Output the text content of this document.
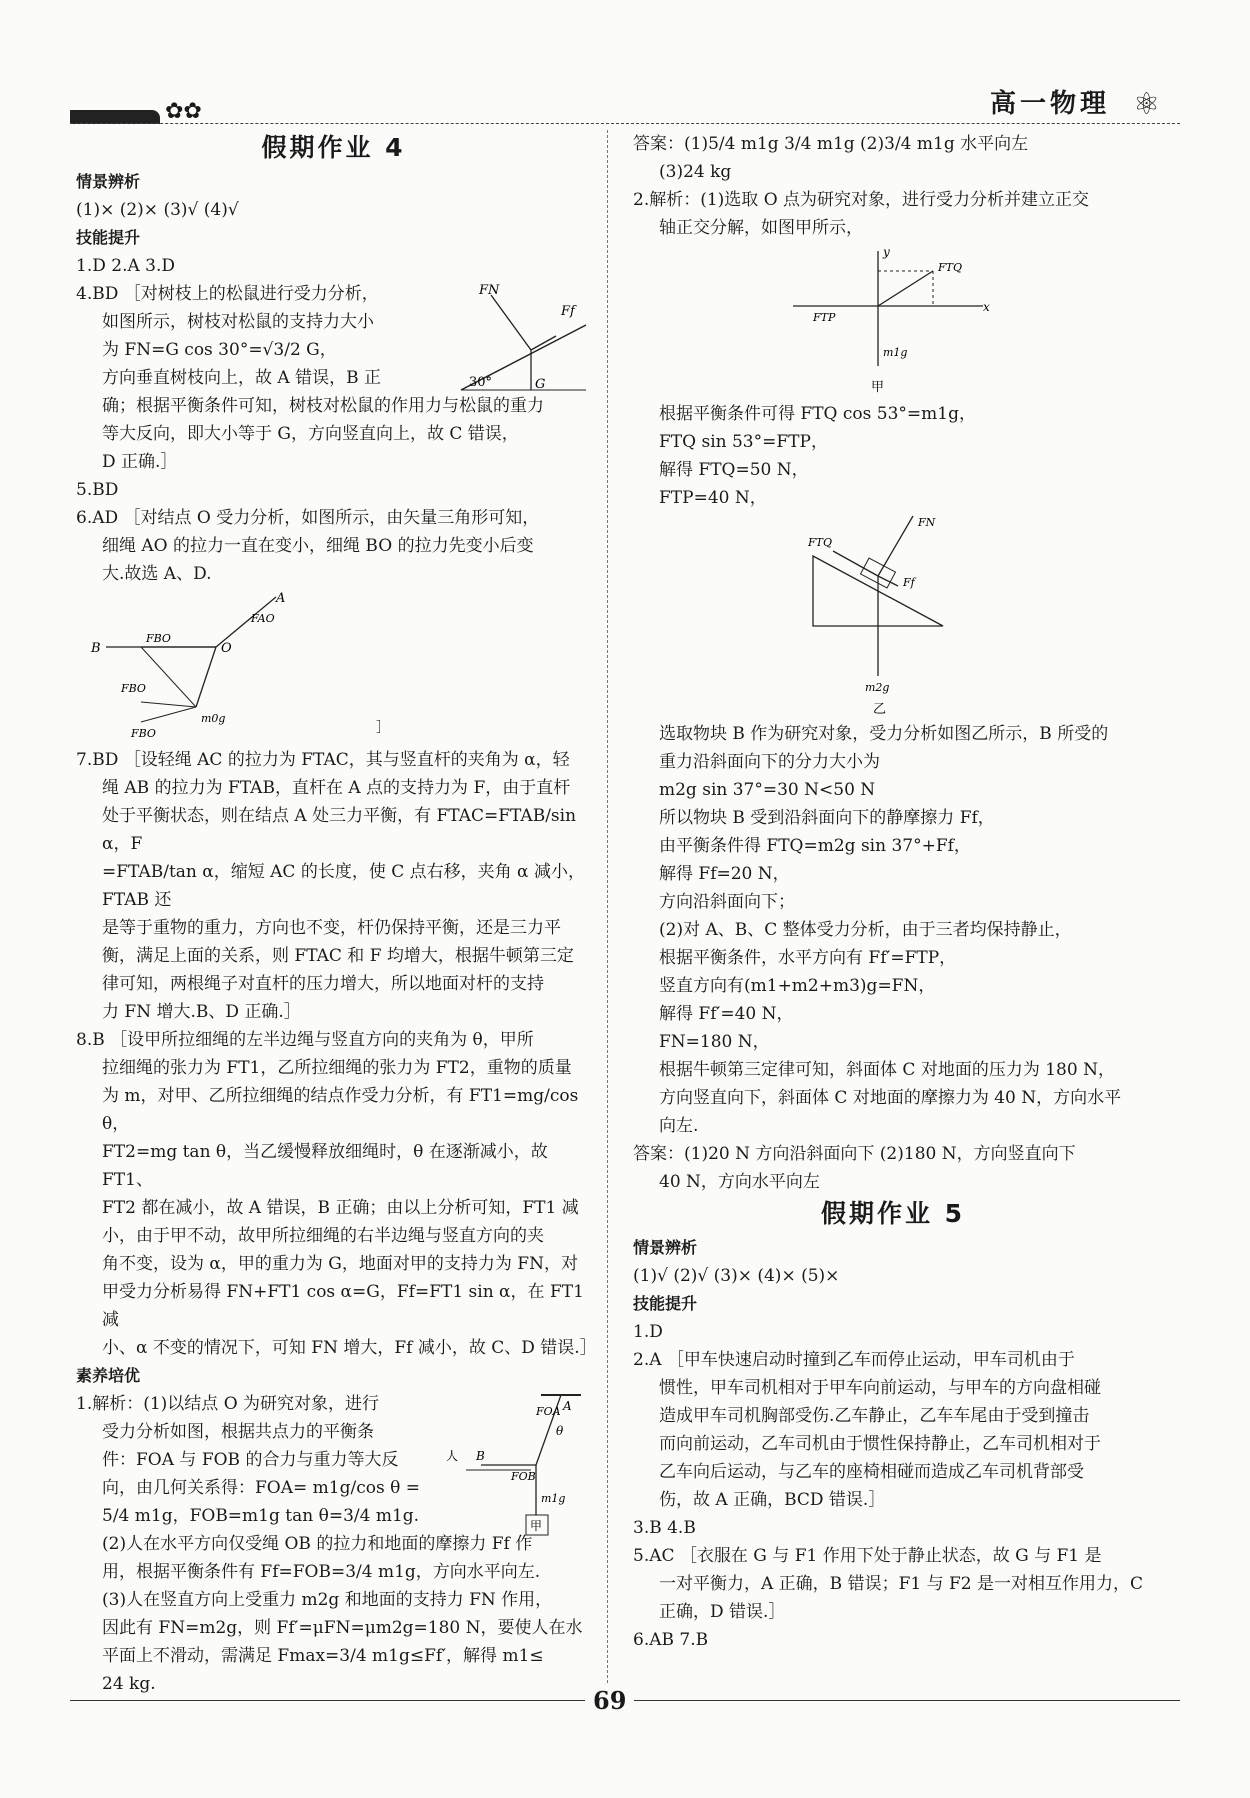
✿✿	高一物理 ⚛
假期作业 4
情景辨析

(1)× (2)× (3)√ (4)√

技能提升

1.D 2.A 3.D

FN
Ff
30°	G

4.BD ［对树枝上的松鼠进行受力分析，

如图所示，树枝对松鼠的支持力大小

为 FN=G cos 30°=√3/2 G，

方向垂直树枝向上，故 A 错误，B 正

确；根据平衡条件可知，树枝对松鼠的作用力与松鼠的重力

等大反向，即大小等于 G，方向竖直向上，故 C 错误，

D 正确.］

5.BD

6.AD ［对结点 O 受力分析，如图所示，由矢量三角形可知，

细绳 AO 的拉力一直在变小，细绳 BO 的拉力先变小后变

大.故选 A、D.

B	O
A
FAO
FBO
m0g
FBO
FBO	］

7.BD ［设轻绳 AC 的拉力为 FTAC，其与竖直杆的夹角为 α，轻

绳 AB 的拉力为 FTAB，直杆在 A 点的支持力为 F，由于直杆

处于平衡状态，则在结点 A 处三力平衡，有 FTAC=FTAB/sin α，F

=FTAB/tan α，缩短 AC 的长度，使 C 点右移，夹角 α 减小，FTAB 还

是等于重物的重力，方向也不变，杆仍保持平衡，还是三力平

衡，满足上面的关系，则 FTAC 和 F 均增大，根据牛顿第三定

律可知，两根绳子对直杆的压力增大，所以地面对杆的支持

力 FN 增大.B、D 正确.］

8.B ［设甲所拉细绳的左半边绳与竖直方向的夹角为 θ，甲所

拉细绳的张力为 FT1，乙所拉细绳的张力为 FT2，重物的质量

为 m，对甲、乙所拉细绳的结点作受力分析，有 FT1=mg/cos θ，

FT2=mg tan θ，当乙缓慢释放细绳时，θ 在逐渐减小，故 FT1、

FT2 都在减小，故 A 错误，B 正确；由以上分析可知，FT1 减

小，由于甲不动，故甲所拉细绳的右半边绳与竖直方向的夹

角不变，设为 α，甲的重力为 G，地面对甲的支持力为 FN，对

甲受力分析易得 FN+FT1 cos α=G，Ff=FT1 sin α，在 FT1 减

小、α 不变的情况下，可知 FN 增大，Ff 减小，故 C、D 错误.］

素养培优
甲
FOA A
θ
人 B
FOB
m1g

1.解析：(1)以结点 O 为研究对象，进行

受力分析如图，根据共点力的平衡条

件：FOA 与 FOB 的合力与重力等大反

向，由几何关系得：FOA= m1g/cos θ =

5/4 m1g，FOB=m1g tan θ=3/4 m1g.

(2)人在水平方向仅受绳 OB 的拉力和地面的摩擦力 Ff 作

用，根据平衡条件有 Ff=FOB=3/4 m1g，方向水平向左.

(3)人在竖直方向上受重力 m2g 和地面的支持力 FN 作用，

因此有 FN=m2g，则 Ff′=μFN=μm2g=180 N，要使人在水

平面上不滑动，需满足 Fmax=3/4 m1g≤Ff′，解得 m1≤

24 kg.

答案：(1)5/4 m1g 3/4 m1g (2)3/4 m1g 水平向左

(3)24 kg

2.解析：(1)选取 O 点为研究对象，进行受力分析并建立正交

轴正交分解，如图甲所示，

y
x
FTQ
FTP
m1g
甲

根据平衡条件可得 FTQ cos 53°=m1g，

FTQ sin 53°=FTP，

解得 FTQ=50 N，

FTP=40 N，

FN
FTQ
Ff
m2g
乙

选取物块 B 作为研究对象，受力分析如图乙所示，B 所受的

重力沿斜面向下的分力大小为

m2g sin 37°=30 N<50 N

所以物块 B 受到沿斜面向下的静摩擦力 Ff，

由平衡条件得 FTQ=m2g sin 37°+Ff，

解得 Ff=20 N，

方向沿斜面向下；

(2)对 A、B、C 整体受力分析，由于三者均保持静止，

根据平衡条件，水平方向有 Ff′=FTP，

竖直方向有(m1+m2+m3)g=FN，

解得 Ff′=40 N，

FN=180 N，

根据牛顿第三定律可知，斜面体 C 对地面的压力为 180 N，

方向竖直向下，斜面体 C 对地面的摩擦力为 40 N，方向水平

向左.

答案：(1)20 N 方向沿斜面向下 (2)180 N，方向竖直向下

40 N，方向水平向左

假期作业 5
情景辨析

(1)√ (2)√ (3)× (4)× (5)×

技能提升

1.D

2.A ［甲车快速启动时撞到乙车而停止运动，甲车司机由于

惯性，甲车司机相对于甲车向前运动，与甲车的方向盘相碰

造成甲车司机胸部受伤.乙车静止，乙车车尾由于受到撞击

而向前运动，乙车司机由于惯性保持静止，乙车司机相对于

乙车向后运动，与乙车的座椅相碰而造成乙车司机背部受

伤，故 A 正确，BCD 错误.］

3.B 4.B

5.AC ［衣服在 G 与 F1 作用下处于静止状态，故 G 与 F1 是

一对平衡力，A 正确，B 错误；F1 与 F2 是一对相互作用力，C

正确，D 错误.］

6.AB 7.B

69
